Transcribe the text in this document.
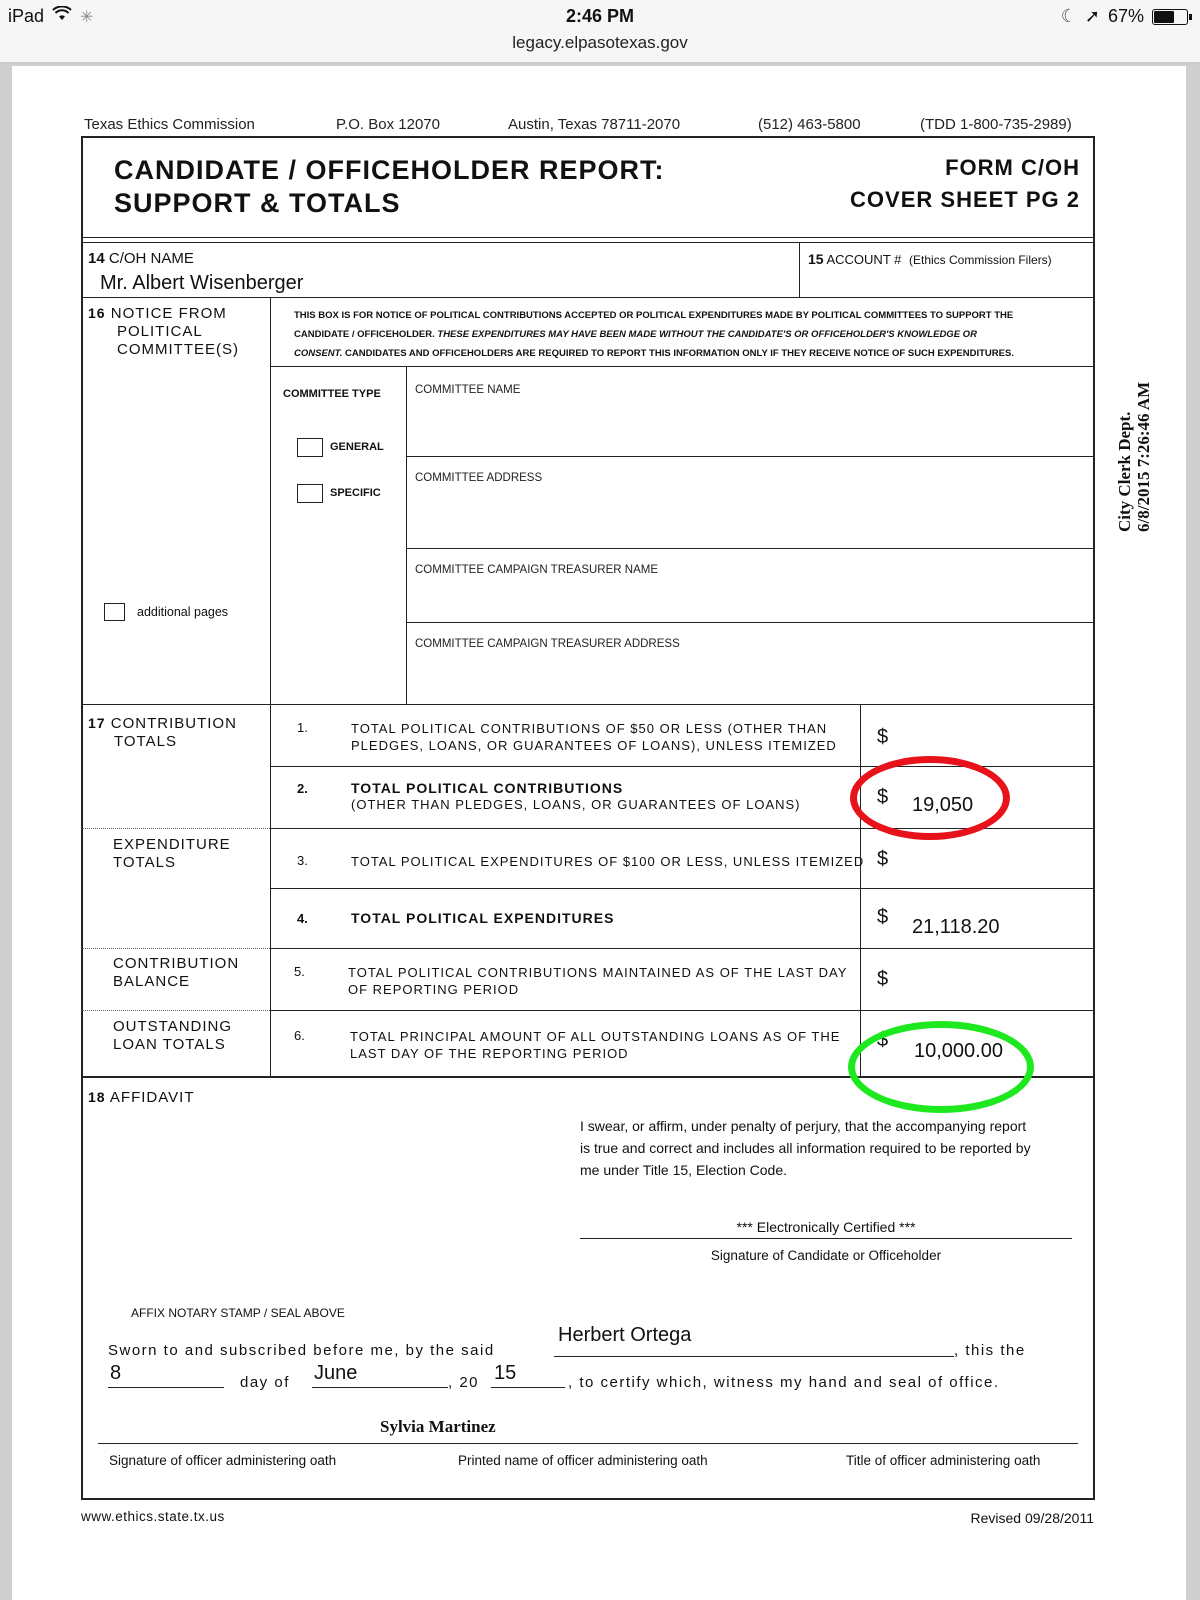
iPad ✳	2:46 PM
legacy.elpasotexas.gov
☾ ➚ 67%
Texas Ethics Commission	P.O. Box 12070	Austin, Texas 78711-2070	(512) 463-5800	(TDD 1-800-735-2989)
CANDIDATE / OFFICEHOLDER REPORT:
SUPPORT & TOTALS
FORM C/OH
COVER SHEET PG 2
14 C/OH NAME
Mr. Albert Wisenberger
15 ACCOUNT # (Ethics Commission Filers)
16 NOTICE FROM
POLITICAL
COMMITTEE(S)
THIS BOX IS FOR NOTICE OF POLITICAL CONTRIBUTIONS ACCEPTED OR POLITICAL EXPENDITURES MADE BY POLITICAL COMMITTEES TO SUPPORT THE
CANDIDATE / OFFICEHOLDER. THESE EXPENDITURES MAY HAVE BEEN MADE WITHOUT THE CANDIDATE'S OR OFFICEHOLDER'S KNOWLEDGE OR
CONSENT. CANDIDATES AND OFFICEHOLDERS ARE REQUIRED TO REPORT THIS INFORMATION ONLY IF THEY RECEIVE NOTICE OF SUCH EXPENDITURES.
COMMITTEE TYPE
GENERAL
SPECIFIC
additional pages
COMMITTEE NAME
COMMITTEE ADDRESS
COMMITTEE CAMPAIGN TREASURER NAME
COMMITTEE CAMPAIGN TREASURER ADDRESS
17 CONTRIBUTION
TOTALS
EXPENDITURE
TOTALS
CONTRIBUTION
BALANCE
OUTSTANDING
LOAN TOTALS
1.	TOTAL POLITICAL CONTRIBUTIONS OF $50 OR LESS (OTHER THAN
PLEDGES, LOANS, OR GUARANTEES OF LOANS), UNLESS ITEMIZED $
2.	TOTAL POLITICAL CONTRIBUTIONS
(OTHER THAN PLEDGES, LOANS, OR GUARANTEES OF LOANS)	$ 19,050
3.	TOTAL POLITICAL EXPENDITURES OF $100 OR LESS, UNLESS ITEMIZED $
4.	TOTAL POLITICAL EXPENDITURES	$ 21,118.20
5.	TOTAL POLITICAL CONTRIBUTIONS MAINTAINED AS OF THE LAST DAY
OF REPORTING PERIOD	$
6.	TOTAL PRINCIPAL AMOUNT OF ALL OUTSTANDING LOANS AS OF THE
LAST DAY OF THE REPORTING PERIOD
$ 10,000.00
18 AFFIDAVIT
I swear, or affirm, under penalty of perjury, that the accompanying report
is true and correct and includes all information required to be reported by
me under Title 15, Election Code.
*** Electronically Certified ***
Signature of Candidate or Officeholder
AFFIX NOTARY STAMP / SEAL ABOVE
Sworn to and subscribed before me, by the said
Herbert Ortega
, this the
8	day of June	, 20 15	, to certify which, witness my hand and seal of office.
Sylvia Martinez
Signature of officer administering oath	Printed name of officer administering oath	Title of officer administering oath
www.ethics.state.tx.us	Revised 09/28/2011
City Clerk Dept. 6/8/2015 7:26:46 AM
